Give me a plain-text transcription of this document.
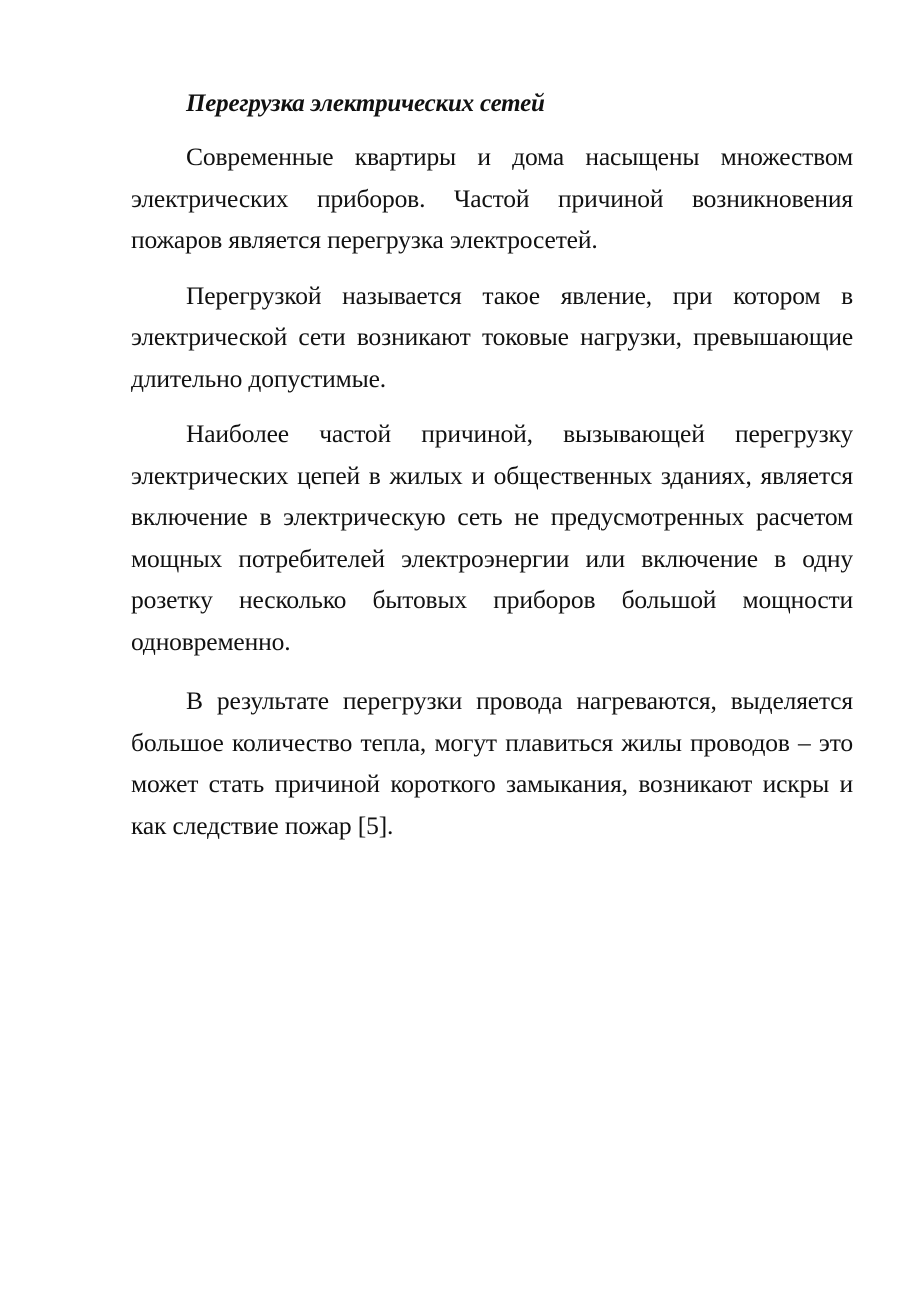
Перегрузка электрических сетей

Современные квартиры и дома насыщены множеством электрических приборов. Частой причиной возникновения пожаров является перегрузка электросетей.

Перегрузкой называется такое явление, при котором в электрической сети возникают токовые нагрузки, превышающие длительно допустимые.

Наиболее частой причиной, вызывающей перегрузку электрических цепей в жилых и общественных зданиях, является включение в электрическую сеть не предусмотренных расчетом мощных потребителей электроэнергии или включение в одну розетку несколько бытовых приборов большой мощности одновременно.

В результате перегрузки провода нагреваются, выделяется большое количество тепла, могут плавиться жилы проводов – это может стать причиной короткого замыкания, возникают искры и как следствие пожар [5].
